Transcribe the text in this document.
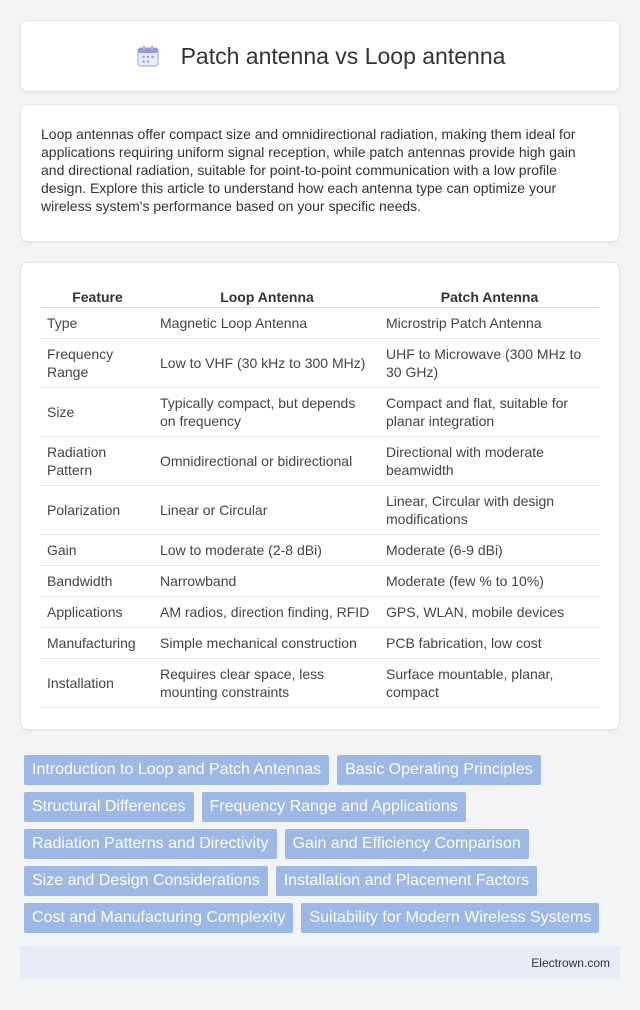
Patch antenna vs Loop antenna

Loop antennas offer compact size and omnidirectional radiation, making them ideal for applications requiring uniform signal reception, while patch antennas provide high gain and directional radiation, suitable for point-to-point communication with a low profile design. Explore this article to understand how each antenna type can optimize your wireless system's performance based on your specific needs.

Feature	Loop Antenna	Patch Antenna
Type	Magnetic Loop Antenna	Microstrip Patch Antenna
Frequency Range	Low to VHF (30 kHz to 300 MHz)	UHF to Microwave (300 MHz to 30 GHz)
Size	Typically compact, but depends on frequency	Compact and flat, suitable for planar integration
Radiation Pattern	Omnidirectional or bidirectional	Directional with moderate beamwidth
Polarization	Linear or Circular	Linear, Circular with design modifications
Gain	Low to moderate (2-8 dBi)	Moderate (6-9 dBi)
Bandwidth	Narrowband	Moderate (few % to 10%)
Applications	AM radios, direction finding, RFID	GPS, WLAN, mobile devices
Manufacturing	Simple mechanical construction	PCB fabrication, low cost
Installation	Requires clear space, less mounting constraints	Surface mountable, planar, compact
Introduction to Loop and Patch Antennas	Basic Operating Principles
Structural Differences	Frequency Range and Applications
Radiation Patterns and Directivity	Gain and Efficiency Comparison
Size and Design Considerations	Installation and Placement Factors
Cost and Manufacturing Complexity	Suitability for Modern Wireless Systems
Electrown.com
